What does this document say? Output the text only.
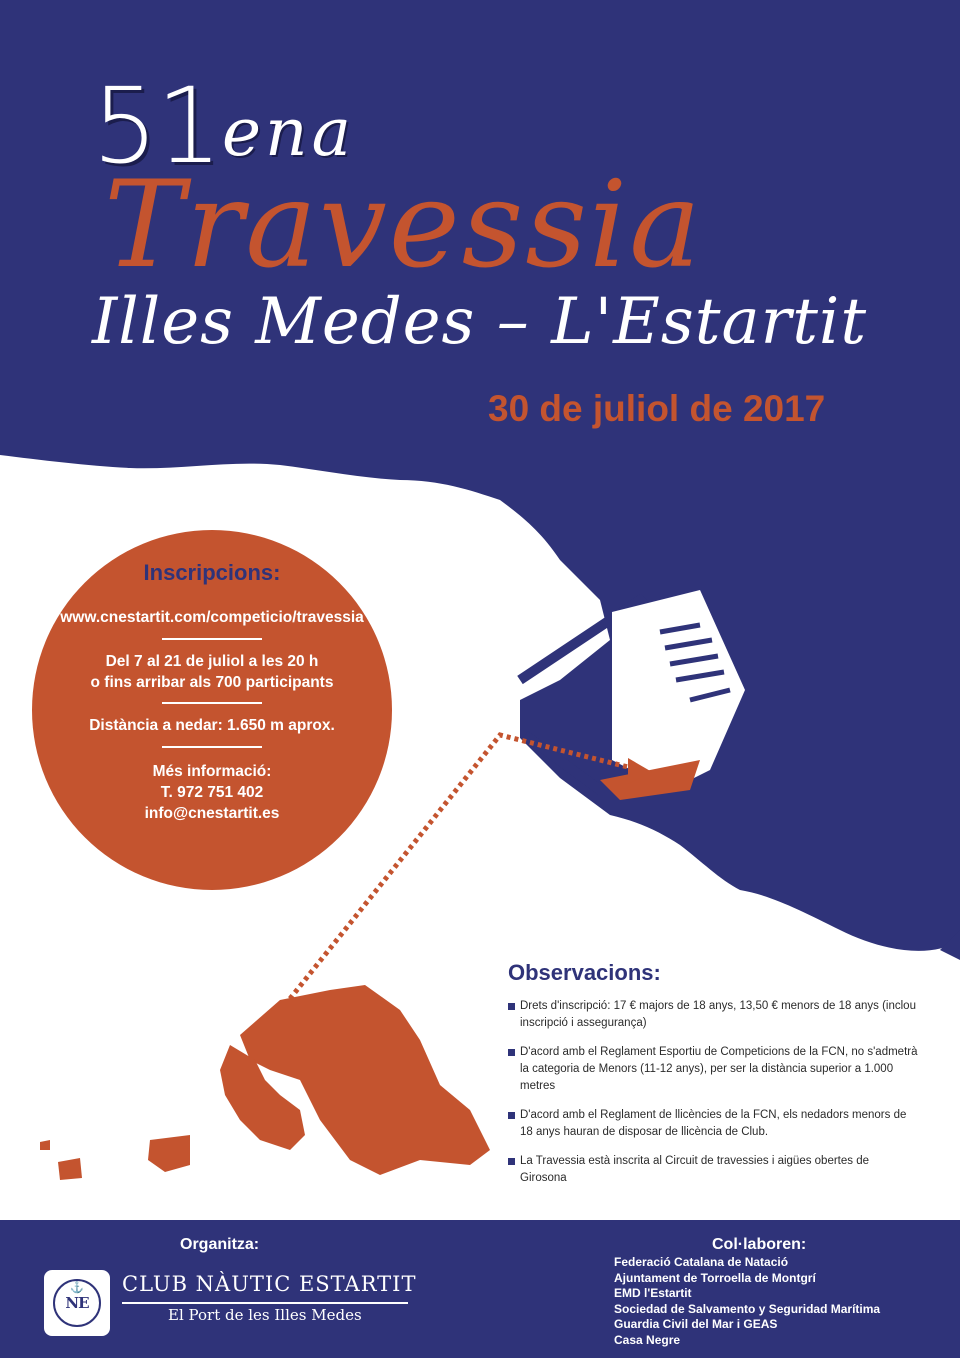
51 ena
Travessia
Illes Medes – L'Estartit
30 de juliol de 2017
Inscripcions:
www.cnestartit.com/competicio/travessia
Del 7 al 21 de juliol a les 20 h
o fins arribar als 700 participants
Distància a nedar: 1.650 m aprox.
Més informació:
T. 972 751 402
info@cnestartit.es
Observacions:
Drets d'inscripció: 17 € majors de 18 anys, 13,50 € menors de 18 anys (inclou inscripció i assegurança)
D'acord amb el Reglament Esportiu de Competicions de la FCN, no s'admetrà la categoria de Menors (11-12 anys), per ser la distància superior a 1.000 metres
D'acord amb el Reglament de llicències de la FCN, els nedadors menors de 18 anys hauran de disposar de llicència de Club.
La Travessia està inscrita al Circuit de travessies i aigües obertes de Girosona
Organitza:
⚓
NE
CLUB NÀUTIC ESTARTIT
El Port de les Illes Medes
Col·laboren:
Federació Catalana de Natació
Ajuntament de Torroella de Montgrí
EMD l'Estartit
Sociedad de Salvamento y Seguridad Marítima
Guardia Civil del Mar i GEAS
Casa Negre
